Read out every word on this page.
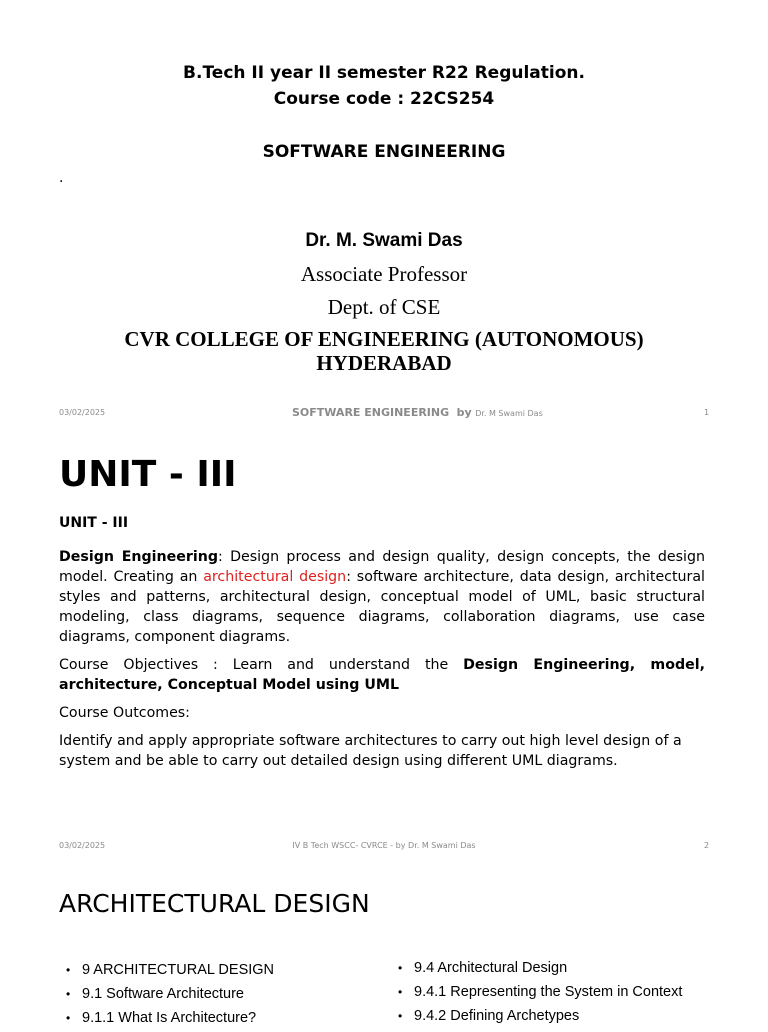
B.Tech II year II semester R22 Regulation.
Course code : 22CS254
SOFTWARE ENGINEERING
.
Dr. M. Swami Das
Associate Professor
Dept. of CSE
CVR COLLEGE OF ENGINEERING (AUTONOMOUS)
HYDERABAD
03/02/2025	SOFTWARE ENGINEERING by Dr. M Swami Das	1
UNIT - III
UNIT - III
Design Engineering: Design process and design quality, design concepts, the design model. Creating an architectural design: software architecture, data design, architectural styles and patterns, architectural design, conceptual model of UML, basic structural modeling, class diagrams, sequence diagrams, collaboration diagrams, use case diagrams, component diagrams.
Course Objectives : Learn and understand the Design Engineering, model, architecture, Conceptual Model using UML
Course Outcomes:
Identify and apply appropriate software architectures to carry out high level design of a system and be able to carry out detailed design using different UML diagrams.
03/02/2025	IV B Tech WSCC- CVRCE - by Dr. M Swami Das	2
ARCHITECTURAL DESIGN
• 9 ARCHITECTURAL DESIGN
• 9.1 Software Architecture
• 9.1.1 What Is Architecture?
• 9.4 Architectural Design
• 9.4.1 Representing the System in Context
• 9.4.2 Defining Archetypes
